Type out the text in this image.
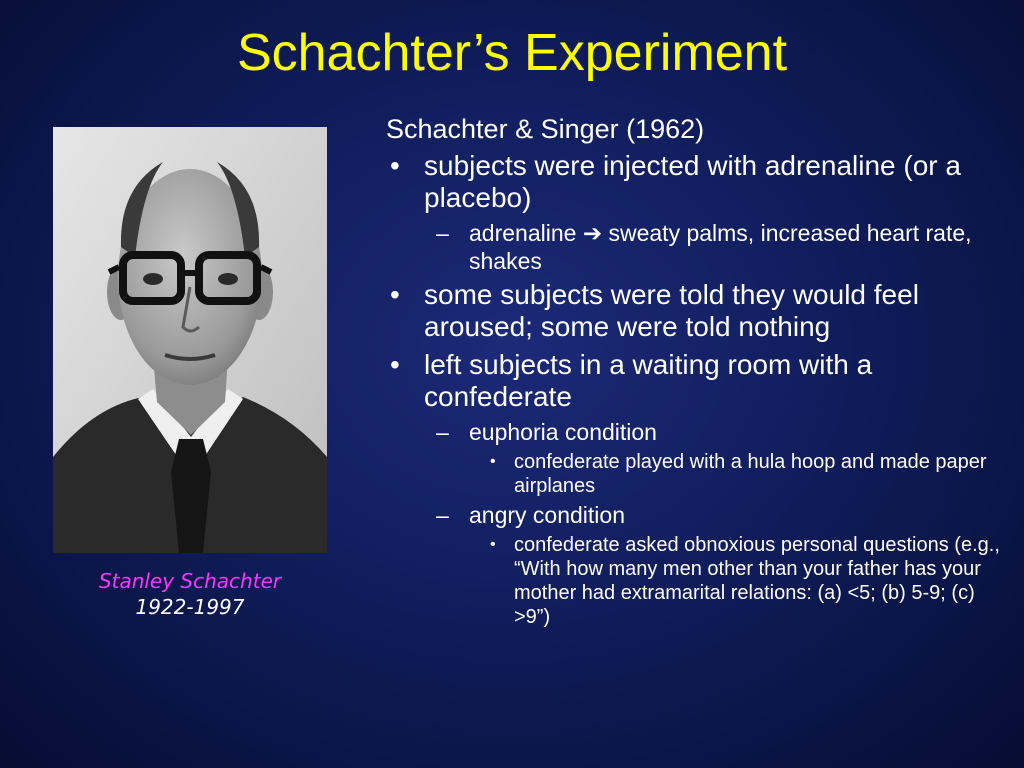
Schachter’s Experiment
Stanley Schachter
1922-1997
Schachter & Singer (1962)
• subjects were injected with adrenaline (or a placebo)
– adrenaline ➔ sweaty palms, increased heart rate, shakes
• some subjects were told they would feel aroused; some were told nothing
• left subjects in a waiting room with a confederate
– euphoria condition
• confederate played with a hula hoop and made paper airplanes
– angry condition
• confederate asked obnoxious personal questions (e.g., “With how many men other than your father has your mother had extramarital relations: (a) <5; (b) 5-9; (c) >9”)
